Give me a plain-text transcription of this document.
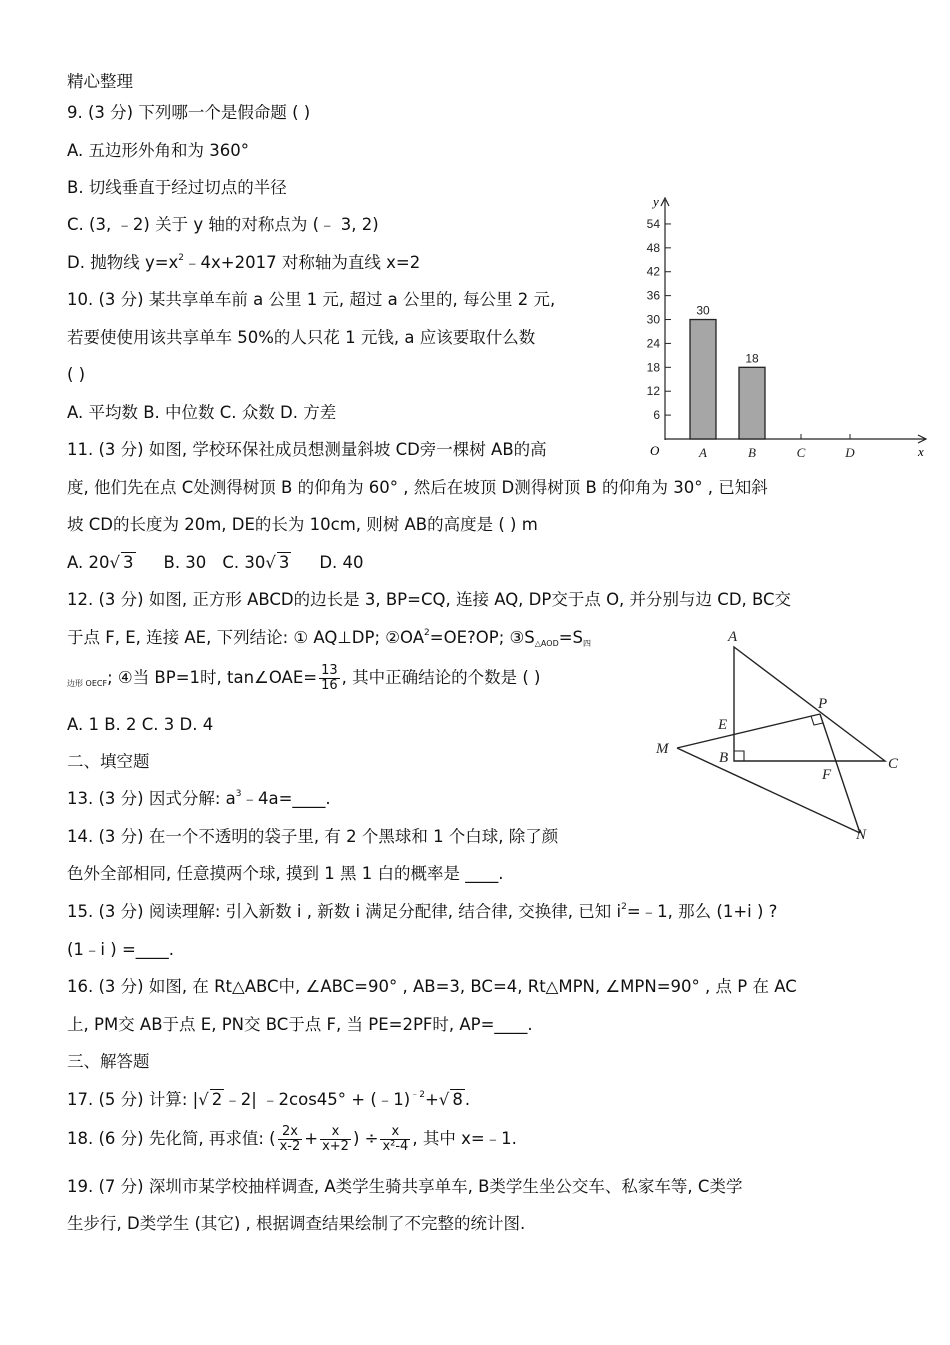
精心整理
9. (3 分) 下列哪一个是假命题 ( )
A. 五边形外角和为 360°
B. 切线垂直于经过切点的半径
C. (3, ﹣2) 关于 y 轴的对称点为 (﹣ 3, 2)
D. 抛物线 $y=x^2﹣4x+2017$ 对称轴为直线 x=2
10. (3 分) 某共享单车前 a 公里 1 元, 超过 a 公里的, 每公里 2 元,
若要使使用该共享单车 50%的人只花 1 元钱, a 应该要取什么数
( )
A. 平均数 B. 中位数 C. 众数 D. 方差
11. (3 分) 如图, 学校环保社成员想测量斜坡 CD旁一棵树 AB的高
度, 他们先在点 C处测得树顶 B 的仰角为 60° , 然后在坡顶 D测得树顶 B 的仰角为 30° , 已知斜
坡 CD的长度为 20m, DE的长为 10cm, 则树 AB的高度是 ( ) m
A. 20√ 3 B. 30 C. 30√ 3 D. 40
12. (3 分) 如图, 正方形 ABCD的边长是 3, BP=CQ, 连接 AQ, DP交于点 O, 并分别与边 CD, BC交
于点 F, E, 连接 AE, 下列结论: ① AQ⊥DP; $②OA^2=OE?OP$; ③S△AOD=S四
边形 OECF; ④当 BP=1时, tan∠OAE= $\frac{13}{16}$ , 其中正确结论的个数是 ( )
A. 1 B. 2 C. 3 D. 4
二、填空题
13. (3 分) 因式分解: $a^3﹣4a=\_\_\_\_$.
14. (3 分) 在一个不透明的袋子里, 有 2 个黑球和 1 个白球, 除了颜
色外全部相同, 任意摸两个球, 摸到 1 黑 1 白的概率是 ____.
15. (3 分) 阅读理解: 引入新数 i , 新数 i 满足分配律, 结合律, 交换律, 已知 $i^2=﹣1$, 那么 (1+i ) ?
(1﹣i ) =____.
16. (3 分) 如图, 在 Rt△ABC中, ∠ABC=90° , AB=3, BC=4, Rt△MPN, ∠MPN=90° , 点 P 在 AC
上, PM交 AB于点 E, PN交 BC于点 F, 当 PE=2PF时, AP=____.
三、解答题
17. (5 分) 计算: |√ 2 ﹣2| ﹣2cos45° + (﹣1)$^{﹣2}$+√ 8 .
18. (6 分) 先化简, 再求值: ( $\frac{2x}{x-2} + \frac{x}{x+2}$ ) ÷ $\frac{x}{\text{x²-4}}$ , 其中 x=﹣1.
19. (7 分) 深圳市某学校抽样调查, A类学生骑共享单车, B类学生坐公交车、私家车等, C类学
生步行, D类学生 (其它) , 根据调查结果绘制了不完整的统计图.
y
x
O
6
12
18
24
30
36
42
48
54
A
30
B
18
C	D
A
P
E
M
B	C
F
N
